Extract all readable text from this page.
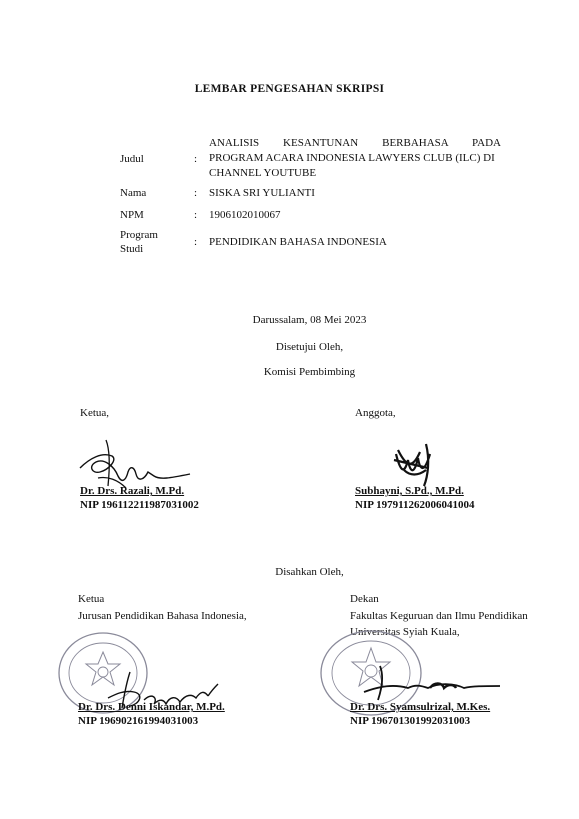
LEMBAR PENGESAHAN SKRIPSI
Judul	:
ANALISIS KESANTUNAN BERBAHASA PADA
PROGRAM ACARA INDONESIA LAWYERS CLUB (ILC) DI
CHANNEL YOUTUBE
Nama	: SISKA SRI YULIANTI
NPM	: 1906102010067
Program
Studi
: PENDIDIKAN BAHASA INDONESIA
Darussalam, 08 Mei 2023
Disetujui Oleh,
Komisi Pembimbing
Ketua,	Anggota,
Dr. Drs. Razali, M.Pd.
NIP 196112211987031002
Subhayni, S.Pd., M.Pd.
NIP 197911262006041004
Disahkan Oleh,
Ketua
Jurusan Pendidikan Bahasa Indonesia,
Dekan
Fakultas Keguruan dan Ilmu Pendidikan
Universitas Syiah Kuala,
Dr. Drs. Denni Iskandar, M.Pd.
NIP 196902161994031003
Dr. Drs. Syamsulrizal, M.Kes.
NIP 196701301992031003
